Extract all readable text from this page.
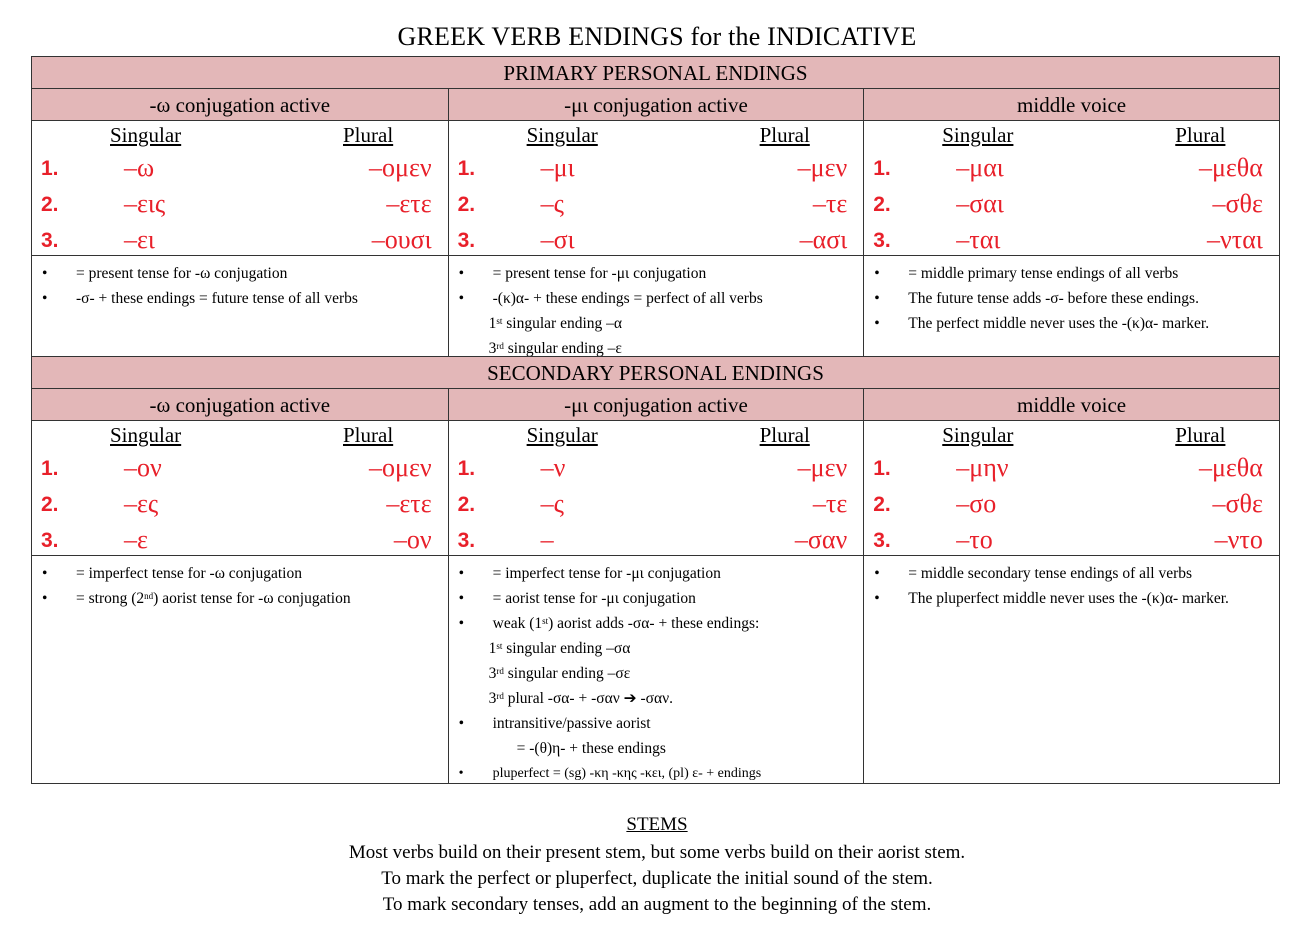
GREEK VERB ENDINGS for the INDICATIVE
PRIMARY PERSONAL ENDINGS
-ω conjugation active	-μι conjugation active	middle voice
Singular	Plural
1.	–ω	–ομεν
2.	–εις	–ετε
3.	–ει	–ουσι
Singular	Plural
1.	–μι	–μεν
2.	–ς	–τε
3.	–σι	–ασι
Singular	Plural
1.	–μαι	–μεθα
2.	–σαι	–σθε
3.	–ται	–νται
• = present tense for -ω conjugation
• -σ- + these endings = future tense of all verbs
• = present tense for -μι conjugation
• -(κ)α- + these endings = perfect of all verbs
1st singular ending –α
3rd singular ending –ε
• = middle primary tense endings of all verbs
• The future tense adds -σ- before these endings.
• The perfect middle never uses the -(κ)α- marker.
SECONDARY PERSONAL ENDINGS
-ω conjugation active	-μι conjugation active	middle voice
Singular	Plural
1.	–ον	–ομεν
2.	–ες	–ετε
3.	–ε	–ον
Singular	Plural
1.	–ν	–μεν
2.	–ς	–τε
3.	–	–σαν
Singular	Plural
1.	–μην	–μεθα
2.	–σο	–σθε
3.	–το	–ντο
• = imperfect tense for -ω conjugation
• = strong (2nd) aorist tense for -ω conjugation
• = imperfect tense for -μι conjugation
• = aorist tense for -μι conjugation
• weak (1st) aorist adds -σα- + these endings:
1st singular ending –σα
3rd singular ending –σε
3rd plural -σα- + -σαν ➔ -σαν.
• intransitive/passive aorist
= -(θ)η- + these endings
• pluperfect = (sg) -κη -κης -κει, (pl) ε- + endings
• = middle secondary tense endings of all verbs
• The pluperfect middle never uses the -(κ)α- marker.
STEMS
Most verbs build on their present stem, but some verbs build on their aorist stem.
To mark the perfect or pluperfect, duplicate the initial sound of the stem.
To mark secondary tenses, add an augment to the beginning of the stem.
